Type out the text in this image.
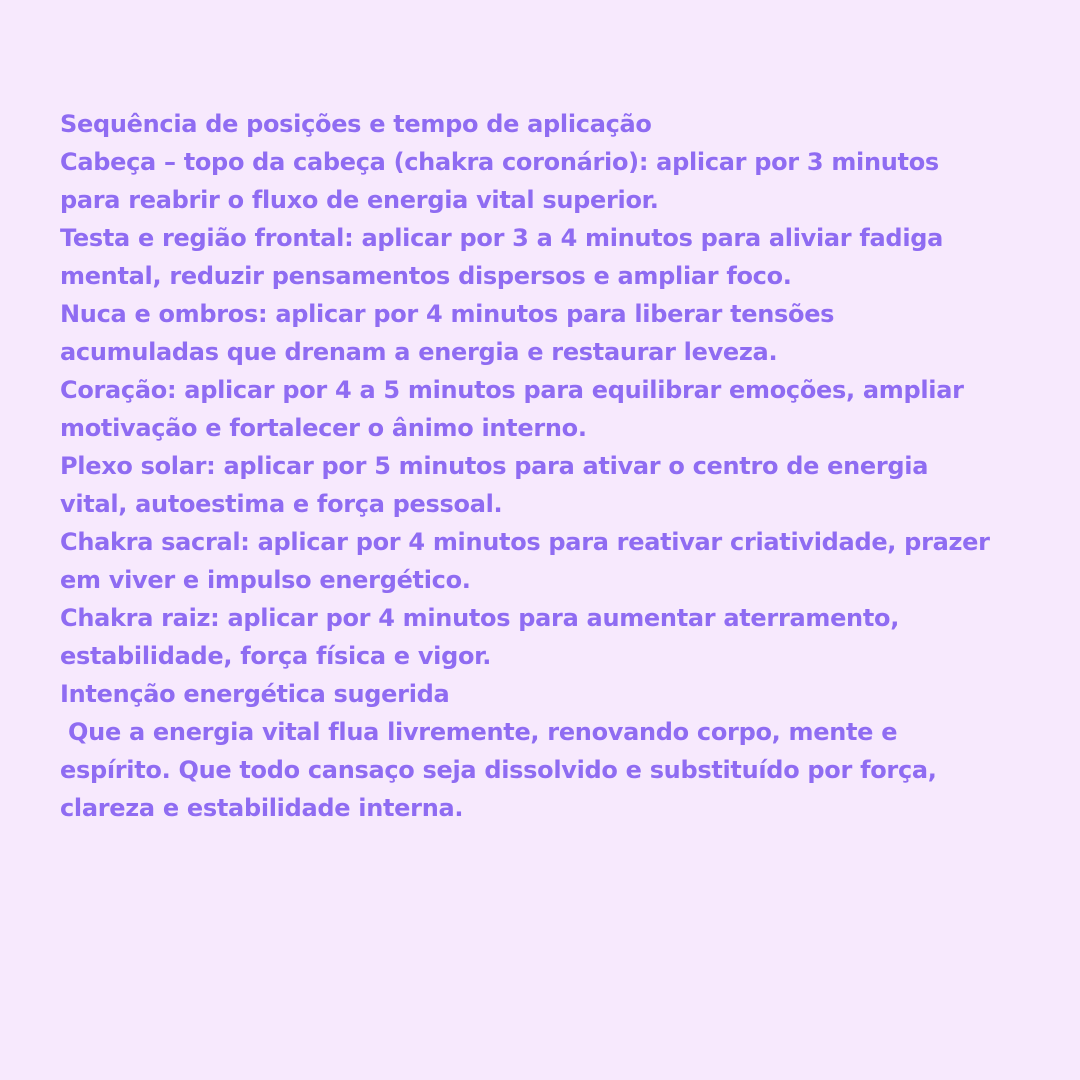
Sequência de posições e tempo de aplicação
Cabeça – topo da cabeça (chakra coronário): aplicar por 3 minutos
para reabrir o fluxo de energia vital superior.
Testa e região frontal: aplicar por 3 a 4 minutos para aliviar fadiga
mental, reduzir pensamentos dispersos e ampliar foco.
Nuca e ombros: aplicar por 4 minutos para liberar tensões
acumuladas que drenam a energia e restaurar leveza.
Coração: aplicar por 4 a 5 minutos para equilibrar emoções, ampliar
motivação e fortalecer o ânimo interno.
Plexo solar: aplicar por 5 minutos para ativar o centro de energia
vital, autoestima e força pessoal.
Chakra sacral: aplicar por 4 minutos para reativar criatividade, prazer
em viver e impulso energético.
Chakra raiz: aplicar por 4 minutos para aumentar aterramento,
estabilidade, força física e vigor.
Intenção energética sugerida
Que a energia vital flua livremente, renovando corpo, mente e
espírito. Que todo cansaço seja dissolvido e substituído por força,
clareza e estabilidade interna.
